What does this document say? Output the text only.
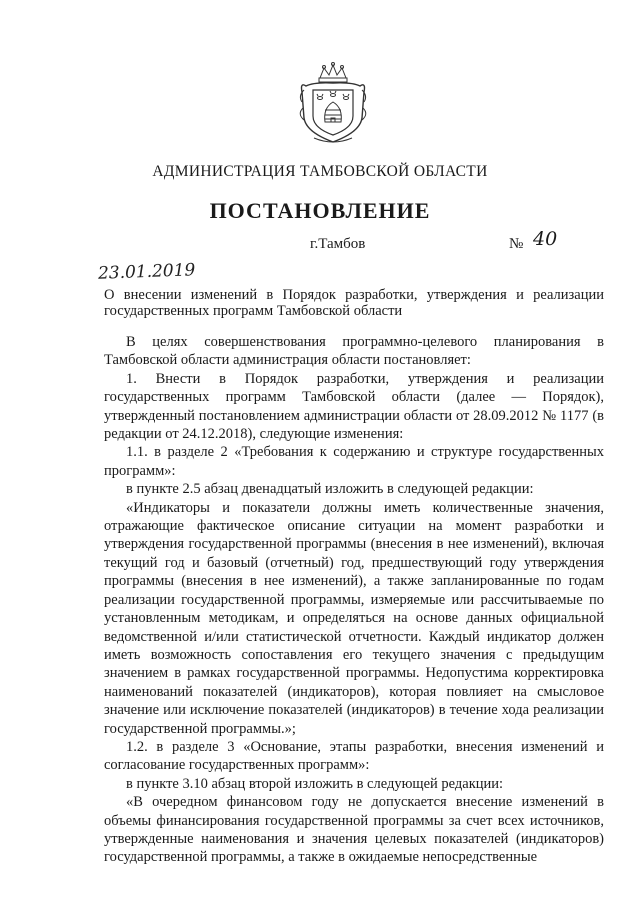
АДМИНИСТРАЦИЯ ТАМБОВСКОЙ ОБЛАСТИ
ПОСТАНОВЛЕНИЕ
23.01.2019
г.Тамбов	№ 40
О внесении изменений в Порядок разработки, утверждения и реализации государственных программ Тамбовской области

В целях совершенствования программно-целевого планирования в Тамбовской области администрация области постановляет:

1. Внести в Порядок разработки, утверждения и реализации государственных программ Тамбовской области (далее — Порядок), утвержденный постановлением администрации области от 28.09.2012 № 1177 (в редакции от 24.12.2018), следующие изменения:

1.1. в разделе 2 «Требования к содержанию и структуре государственных программ»:

в пункте 2.5 абзац двенадцатый изложить в следующей редакции:

«Индикаторы и показатели должны иметь количественные значения, отражающие фактическое описание ситуации на момент разработки и утверждения государственной программы (внесения в нее изменений), включая текущий год и базовый (отчетный) год, предшествующий году утверждения программы (внесения в нее изменений), а также запланированные по годам реализации государственной программы, измеряемые или рассчитываемые по установленным методикам, и определяться на основе данных официальной ведомственной и/или статистической отчетности. Каждый индикатор должен иметь возможность сопоставления его текущего значения с предыдущим значением в рамках государственной программы. Недопустима корректировка наименований показателей (индикаторов), которая повлияет на смысловое значение или исключение показателей (индикаторов) в течение хода реализации государственной программы.»;

1.2. в разделе 3 «Основание, этапы разработки, внесения изменений и согласование государственных программ»:

в пункте 3.10 абзац второй изложить в следующей редакции:

«В очередном финансовом году не допускается внесение изменений в объемы финансирования государственной программы за счет всех источников, утвержденные наименования и значения целевых показателей (индикаторов) государственной программы, а также в ожидаемые непосредственные
